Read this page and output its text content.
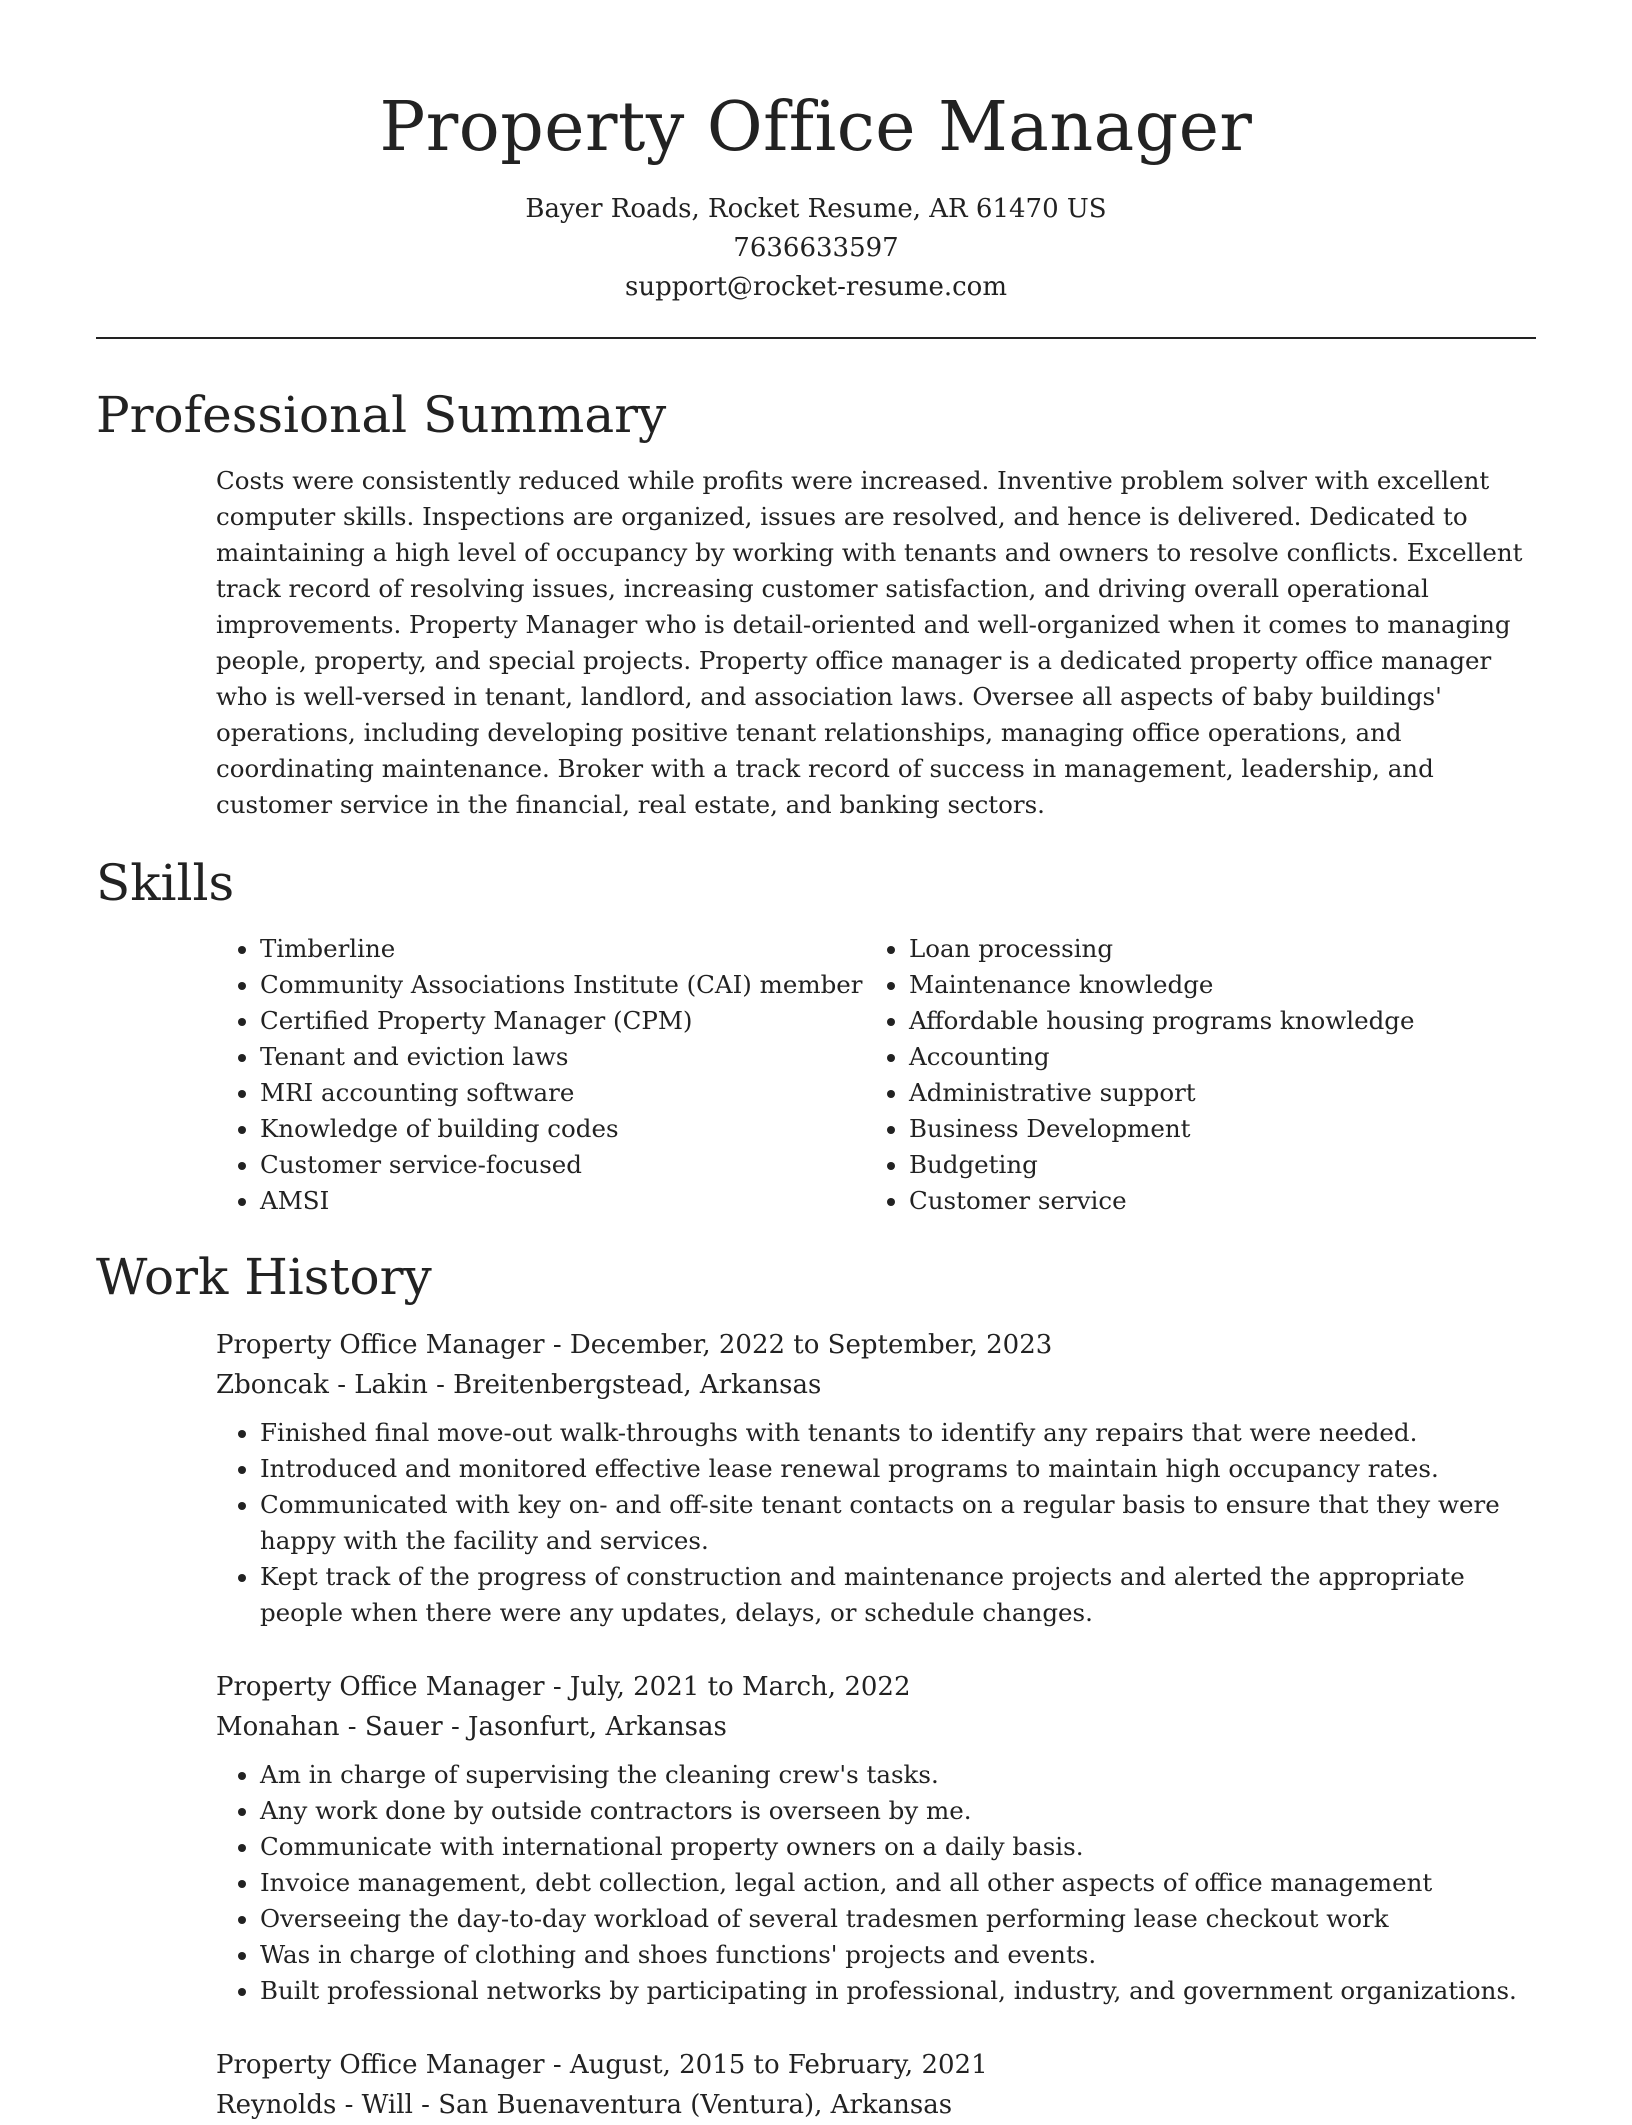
Property Office Manager
Bayer Roads, Rocket Resume, AR 61470 US
7636633597
support@rocket-resume.com
Professional Summary
Costs were consistently reduced while profits were increased. Inventive problem solver with excellent computer skills. Inspections are organized, issues are resolved, and hence is delivered. Dedicated to maintaining a high level of occupancy by working with tenants and owners to resolve conflicts. Excellent track record of resolving issues, increasing customer satisfaction, and driving overall operational improvements. Property Manager who is detail-oriented and well-organized when it comes to managing people, property, and special projects. Property office manager is a dedicated property office manager who is well-versed in tenant, landlord, and association laws. Oversee all aspects of baby buildings' operations, including developing positive tenant relationships, managing office operations, and coordinating maintenance. Broker with a track record of success in management, leadership, and customer service in the financial, real estate, and banking sectors.
Skills
• Timberline
• Community Associations Institute (CAI) member
• Certified Property Manager (CPM)
• Tenant and eviction laws
• MRI accounting software
• Knowledge of building codes
• Customer service-focused
• AMSI
• Loan processing
• Maintenance knowledge
• Affordable housing programs knowledge
• Accounting
• Administrative support
• Business Development
• Budgeting
• Customer service
Work History
Property Office Manager - December, 2022 to September, 2023
Zboncak - Lakin - Breitenbergstead, Arkansas
• Finished final move-out walk-throughs with tenants to identify any repairs that were needed.
• Introduced and monitored effective lease renewal programs to maintain high occupancy rates.
• Communicated with key on- and off-site tenant contacts on a regular basis to ensure that they were happy with the facility and services.
• Kept track of the progress of construction and maintenance projects and alerted the appropriate people when there were any updates, delays, or schedule changes.
Property Office Manager - July, 2021 to March, 2022
Monahan - Sauer - Jasonfurt, Arkansas
• Am in charge of supervising the cleaning crew's tasks.
• Any work done by outside contractors is overseen by me.
• Communicate with international property owners on a daily basis.
• Invoice management, debt collection, legal action, and all other aspects of office management
• Overseeing the day-to-day workload of several tradesmen performing lease checkout work
• Was in charge of clothing and shoes functions' projects and events.
• Built professional networks by participating in professional, industry, and government organizations.
Property Office Manager - August, 2015 to February, 2021
Reynolds - Will - San Buenaventura (Ventura), Arkansas
